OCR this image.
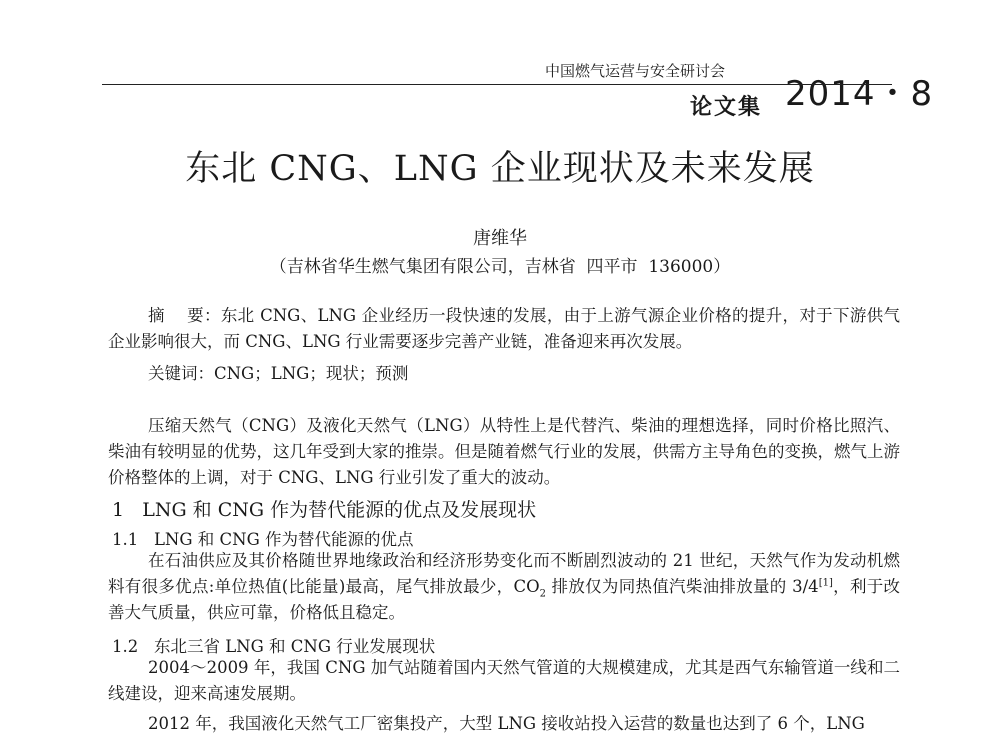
中国燃气运营与安全研讨会
2014・8
论文集
东北 CNG、LNG 企业现状及未来发展
唐维华
（吉林省华生燃气集团有限公司，吉林省  四平市  136000）

摘    要：东北 CNG、LNG 企业经历一段快速的发展，由于上游气源企业价格的提升，对于下游供气企业影响很大，而 CNG、LNG 行业需要逐步完善产业链，准备迎来再次发展。

关键词：CNG；LNG；现状；预测

压缩天然气（CNG）及液化天然气（LNG）从特性上是代替汽、柴油的理想选择，同时价格比照汽、柴油有较明显的优势，这几年受到大家的推崇。但是随着燃气行业的发展，供需方主导角色的变换，燃气上游价格整体的上调，对于 CNG、LNG 行业引发了重大的波动。

1   LNG 和 CNG 作为替代能源的优点及发展现状
1.1   LNG 和 CNG 作为替代能源的优点

在石油供应及其价格随世界地缘政治和经济形势变化而不断剧烈波动的 21 世纪，天然气作为发动机燃料有很多优点:单位热值(比能量)最高，尾气排放最少，$CO_2$ 排放仅为同热值汽柴油排放量的 3/4[1]，利于改善大气质量，供应可靠，价格低且稳定。

1.2   东北三省 LNG 和 CNG 行业发展现状

2004～2009 年，我国 CNG 加气站随着国内天然气管道的大规模建成，尤其是西气东输管道一线和二线建设，迎来高速发展期。

2012 年，我国液化天然气工厂密集投产，大型 LNG 接收站投入运营的数量也达到了 6 个，LNG
